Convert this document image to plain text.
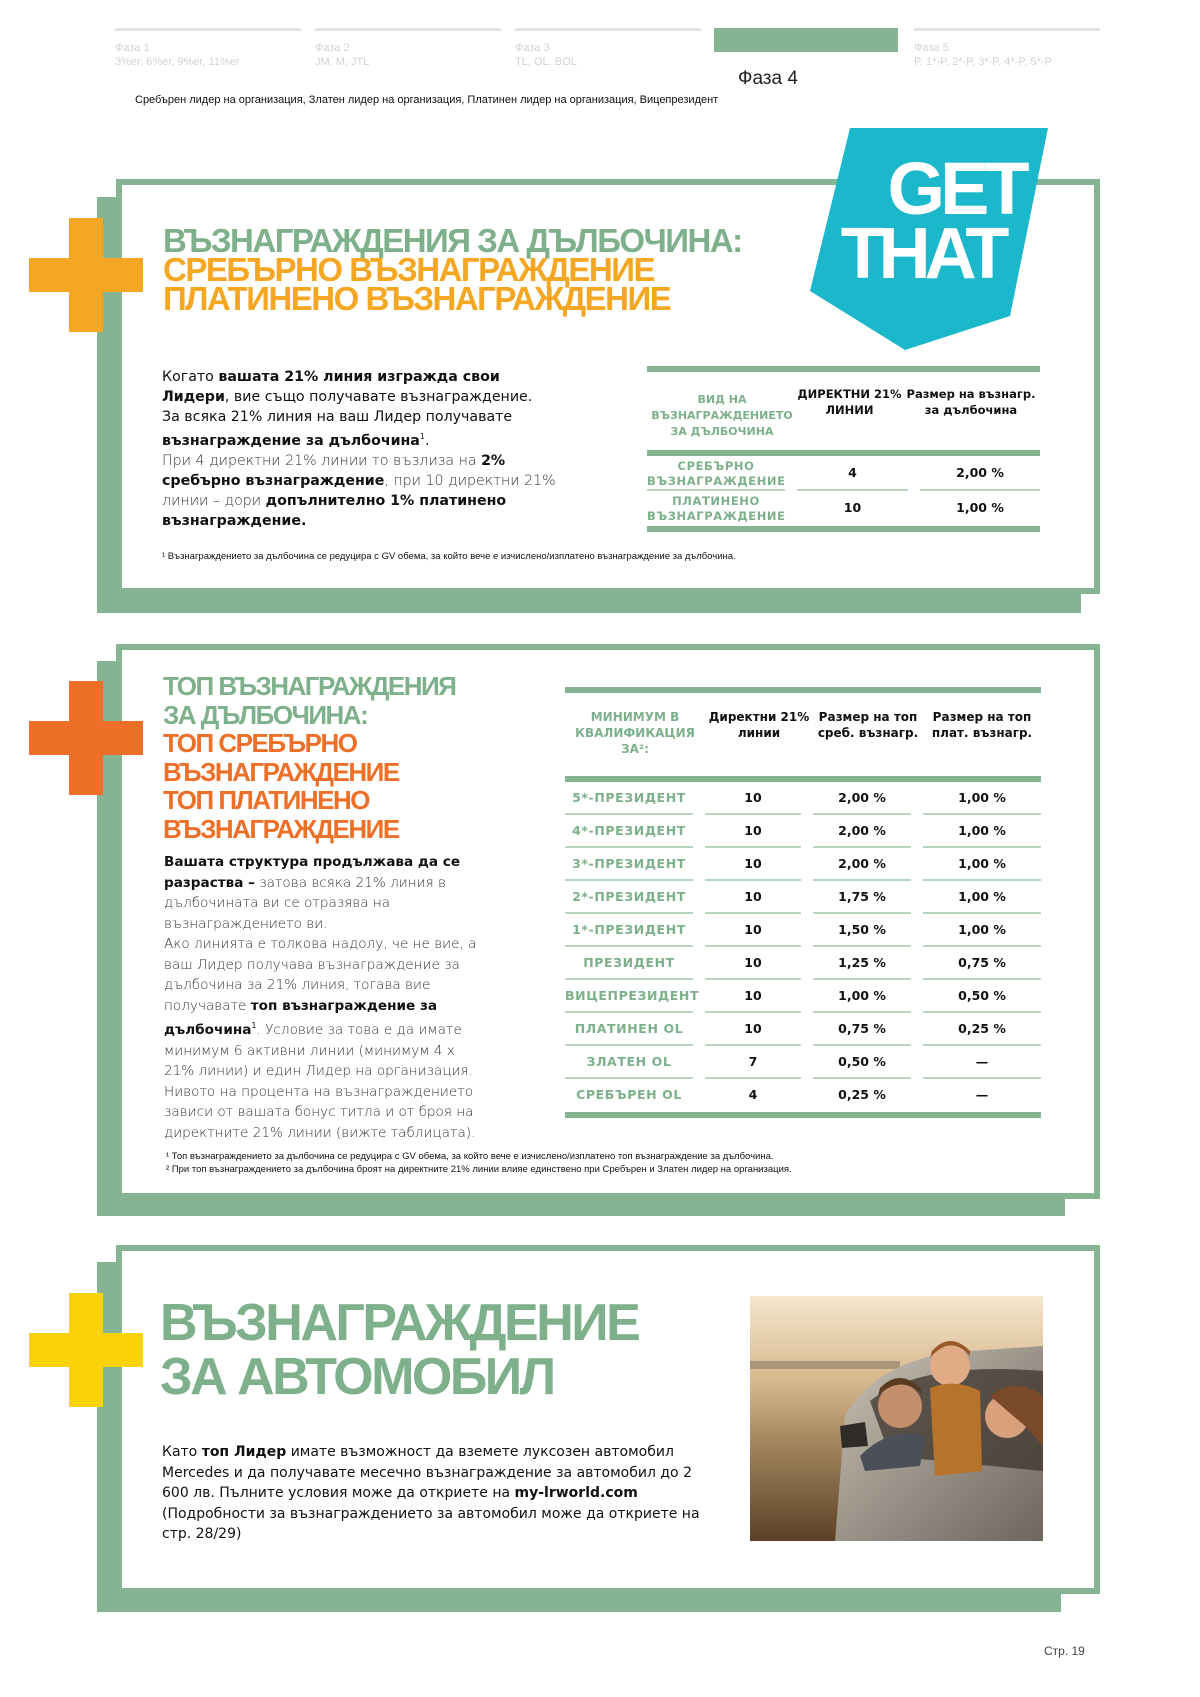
Фаза 1
3%er, 6%er, 9%er, 11%er
Фаза 2
JM, M, JTL
Фаза 3
TL, OL, BOL
Фаза 4
Сребърен лидер на организация, Златен лидер на организация, Платинен лидер на организация, Вицепрезидент
Фаза 5
P, 1*-P, 2*-P, 3*-P, 4*-P, 5*-P
ВЪЗНАГРАЖДЕНИЯ ЗА ДЪЛБОЧИНА:
СРЕБЪРНО ВЪЗНАГРАЖДЕНИЕ
ПЛАТИНЕНО ВЪЗНАГРАЖДЕНИЕ
GET
THAT
Когато вашата 21% линия изгражда свои Лидери, вие също получавате възнаграждение.
За всяка 21% линия на ваш Лидер получавате възнаграждение за дълбочина$^1$.
При 4 директни 21% линии то възлиза на 2% сребърно възнаграждение, при 10 директни 21% линии – дори допълнително 1% платинено възнаграждение.
ВИД НА ВЪЗНАГРАЖДЕНИЕТО ЗА ДЪЛБОЧИНА
ДИРЕКТНИ 21% ЛИНИИ
Размер на възнагр. за дълбочина
СРЕБЪРНО ВЪЗНАГРАЖДЕНИЕ
4	2,00 %
ПЛАТИНЕНО ВЪЗНАГРАЖДЕНИЕ
10	1,00 %
¹ Възнаграждението за дълбочина се редуцира с GV обема, за който вече е изчислено/изплатено възнаграждение за дълбочина.
ТОП ВЪЗНАГРАЖДЕНИЯ
ЗА ДЪЛБОЧИНА:
ТОП СРЕБЪРНО
ВЪЗНАГРАЖДЕНИЕ
ТОП ПЛАТИНЕНО
ВЪЗНАГРАЖДЕНИЕ
Вашата структура продължава да се разраства – затова всяка 21% линия в дълбочината ви се отразява на възнаграждението ви.
Ако линията е толкова надолу, че не вие, а ваш Лидер получава възнаграждение за дълбочина за 21% линия, тогава вие получавате топ възнаграждение за дълбочина$^1$. Условие за това е да имате минимум 6 активни линии (минимум 4 x 21% линии) и един Лидер на организация. Нивото на процента на възнаграждението зависи от вашата бонус титла и от броя на директните 21% линии (вижте таблицата).
МИНИМУМ В КВАЛИФИКАЦИЯ ЗА²:
Директни 21% линии
Размер на топ среб. възнагр.
Размер на топ плат. възнагр.
5*-ПРЕЗИДЕНТ	10	2,00 %	1,00 %
4*-ПРЕЗИДЕНТ	10	2,00 %	1,00 %
3*-ПРЕЗИДЕНТ	10	2,00 %	1,00 %
2*-ПРЕЗИДЕНТ	10	1,75 %	1,00 %
1*-ПРЕЗИДЕНТ	10	1,50 %	1,00 %
ПРЕЗИДЕНТ	10	1,25 %	0,75 %
ВИЦЕПРЕЗИДЕНТ	10	1,00 %	0,50 %
ПЛАТИНЕН OL	10	0,75 %	0,25 %
ЗЛАТЕН OL	7	0,50 %	—
СРЕБЪРЕН OL	4	0,25 %	—
¹ Топ възнаграждението за дълбочина се редуцира с GV обема, за който вече е изчислено/изплатено топ възнаграждение за дълбочина.
² При топ възнаграждението за дълбочина броят на директните 21% линии влияе единствено при Сребърен и Златен лидер на организация.
ВЪЗНАГРАЖДЕНИЕ
ЗА АВТОМОБИЛ
Като топ Лидер имате възможност да вземете луксозен автомобил Mercedes и да получавате месечно възнаграждение за автомобил до 2 600 лв. Пълните условия може да откриете на my-lrworld.com (Подробности за възнаграждението за автомобил може да откриете на стр. 28/29)
Стр. 19
